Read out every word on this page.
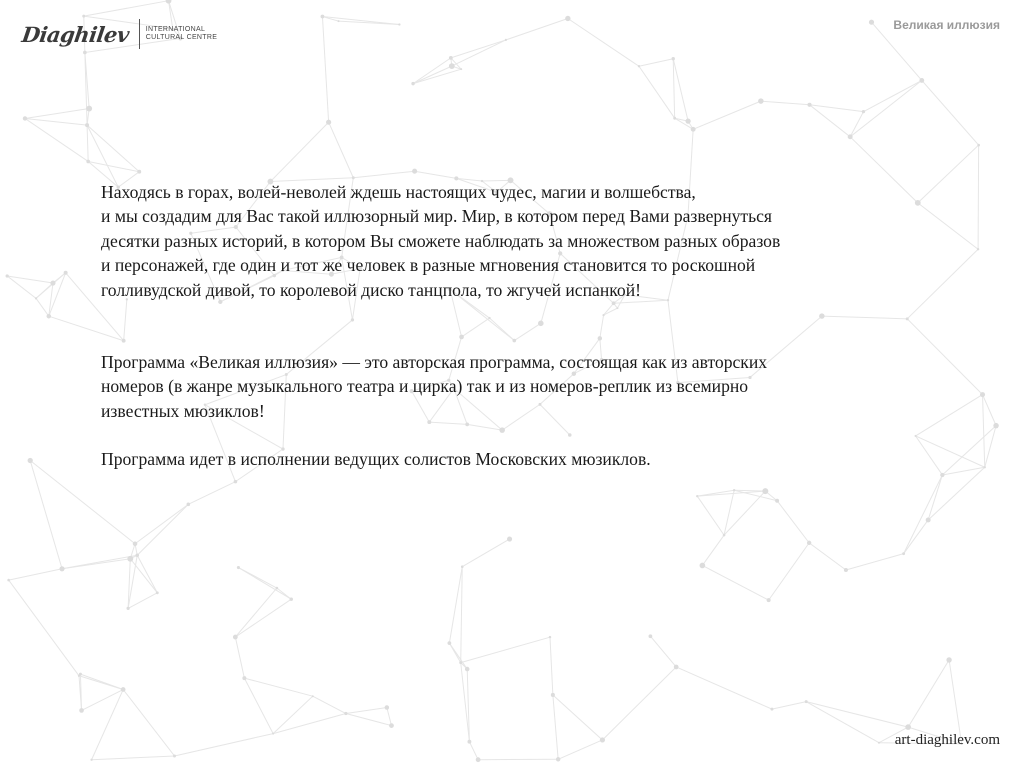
Diaghilev INTERNATIONAL
CULTURAL CENTRE
Великая иллюзия

Находясь в горах, волей-неволей ждешь настоящих чудес, магии и волшебства,
и мы создадим для Вас такой иллюзорный мир. Мир, в котором перед Вами развернуться
десятки разных историй, в котором Вы сможете наблюдать за множеством разных образов
и персонажей, где один и тот же человек в разные мгновения становится то роскошной
голливудской дивой, то королевой диско танцпола, то жгучей испанкой!

Программа «Великая иллюзия» — это авторская программа, состоящая как из авторских
номеров (в жанре музыкального театра и цирка) так и из номеров-реплик из всемирно
известных мюзиклов!

Программа идет в исполнении ведущих солистов Московских мюзиклов.

art-diaghilev.com
